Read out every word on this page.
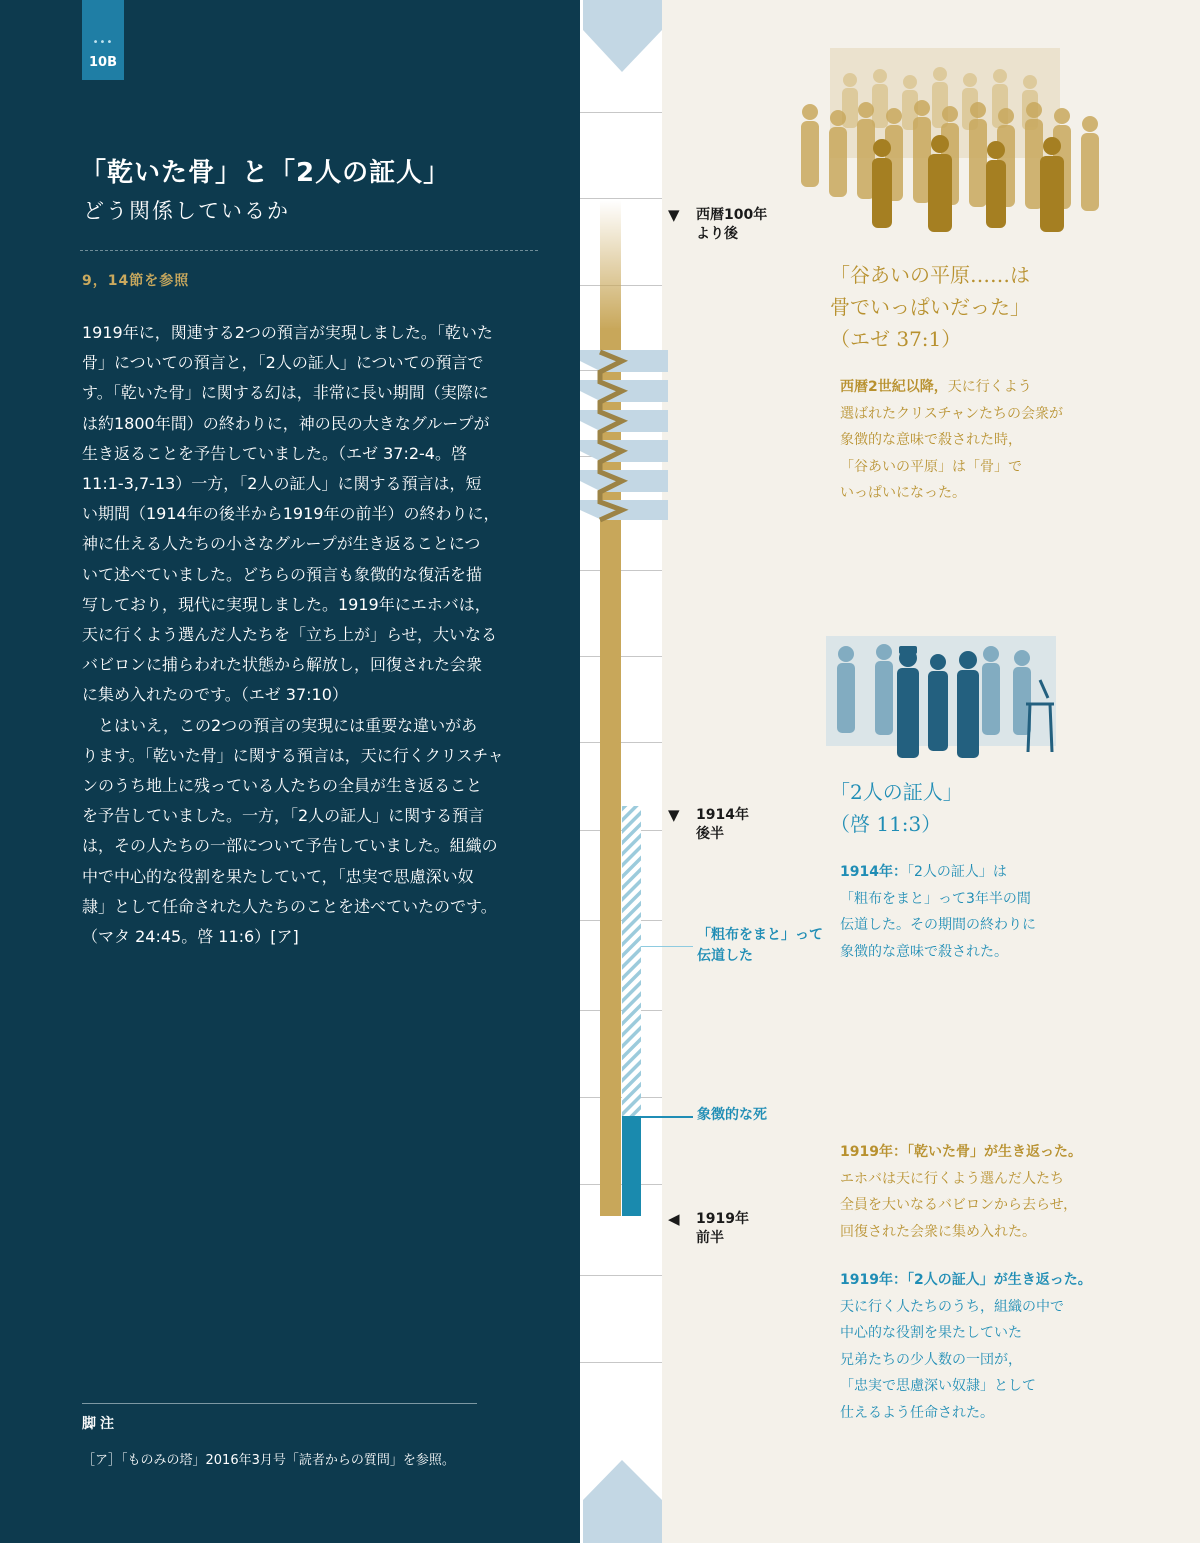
•••
10B
「乾いた骨」と「2人の証人」
どう関係しているか
9，14節を参照

1919年に，関連する2つの預言が実現しました。「乾いた

骨」についての預言と，「2人の証人」についての預言で

す。「乾いた骨」に関する幻は，非常に長い期間（実際に

は約1800年間）の終わりに，神の民の大きなグループが

生き返ることを予告していました。（エゼ 37:2-4。啓

11:1-3,7-13）一方，「2人の証人」に関する預言は，短

い期間（1914年の後半から1919年の前半）の終わりに，

神に仕える人たちの小さなグループが生き返ることにつ

いて述べていました。どちらの預言も象徴的な復活を描

写しており，現代に実現しました。1919年にエホバは，

天に行くよう選んだ人たちを「立ち上が」らせ，大いなる

バビロンに捕らわれた状態から解放し，回復された会衆

に集め入れたのです。（エゼ 37:10）

とはいえ，この2つの預言の実現には重要な違いがあ

ります。「乾いた骨」に関する預言は，天に行くクリスチャ

ンのうち地上に残っている人たちの全員が生き返ること

を予告していました。一方，「2人の証人」に関する預言

は，その人たちの一部について予告していました。組織の

中で中心的な役割を果たしていて，「忠実で思慮深い奴

隷」として任命された人たちのことを述べていたのです。

（マタ 24:45。啓 11:6）[ア]

脚注
［ア］「ものみの塔」2016年3月号「読者からの質問」を参照。
▼ 西暦100年
より後
▼ 1914年
後半
◀ 1919年
前半
「粗布をまと」って
伝道した
象徴的な死
「谷あいの平原……は
骨でいっぱいだった」
（エゼ 37:1）
西暦2世紀以降，天に行くよう
選ばれたクリスチャンたちの会衆が
象徴的な意味で殺された時，
「谷あいの平原」は「骨」で
いっぱいになった。
「2人の証人」
（啓 11:3）
1914年：「2人の証人」は
「粗布をまと」って3年半の間
伝道した。その期間の終わりに
象徴的な意味で殺された。
1919年：「乾いた骨」が生き返った。
エホバは天に行くよう選んだ人たち
全員を大いなるバビロンから去らせ，
回復された会衆に集め入れた。
1919年：「2人の証人」が生き返った。
天に行く人たちのうち，組織の中で
中心的な役割を果たしていた
兄弟たちの少人数の一団が，
「忠実で思慮深い奴隷」として
仕えるよう任命された。
